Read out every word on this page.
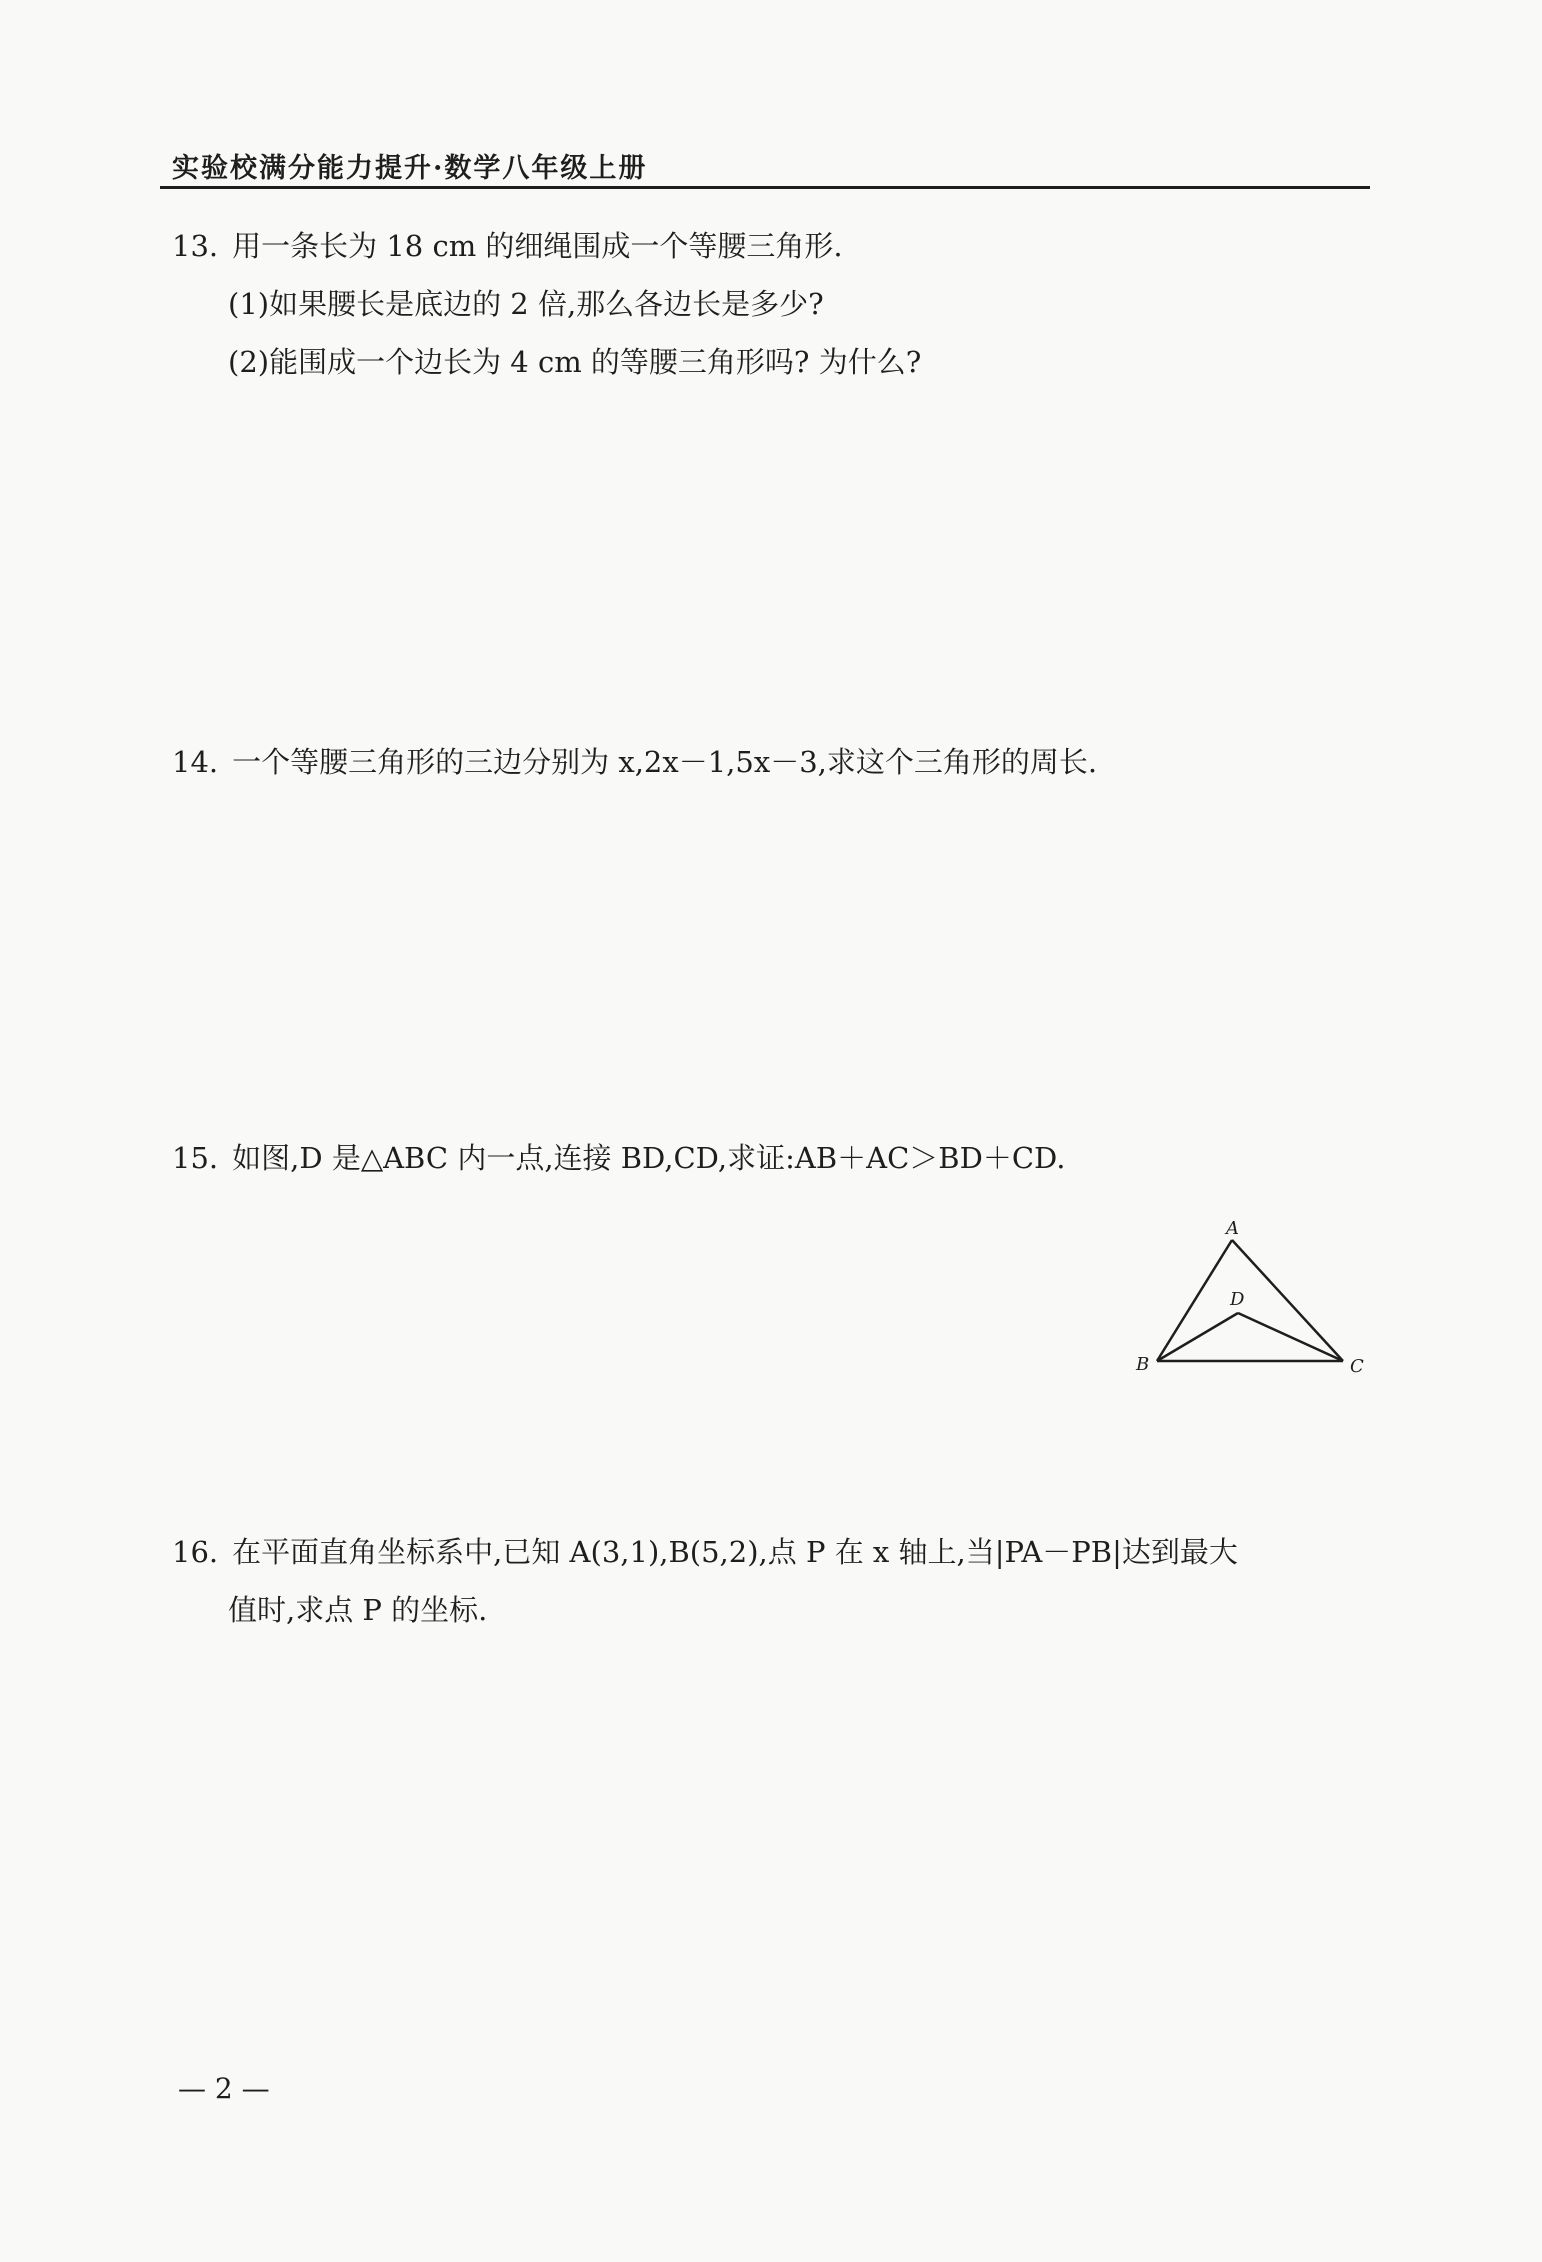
实验校满分能力提升·数学八年级上册
13. 用一条长为 18 cm 的细绳围成一个等腰三角形.
(1)如果腰长是底边的 2 倍,那么各边长是多少?
(2)能围成一个边长为 4 cm 的等腰三角形吗? 为什么?
14. 一个等腰三角形的三边分别为 x,2x－1,5x－3,求这个三角形的周长.
15. 如图,D 是△ABC 内一点,连接 BD,CD,求证:AB＋AC＞BD＋CD.
A
B	C
D
16. 在平面直角坐标系中,已知 A(3,1),B(5,2),点 P 在 x 轴上,当|PA－PB|达到最大
值时,求点 P 的坐标.
— 2 —
